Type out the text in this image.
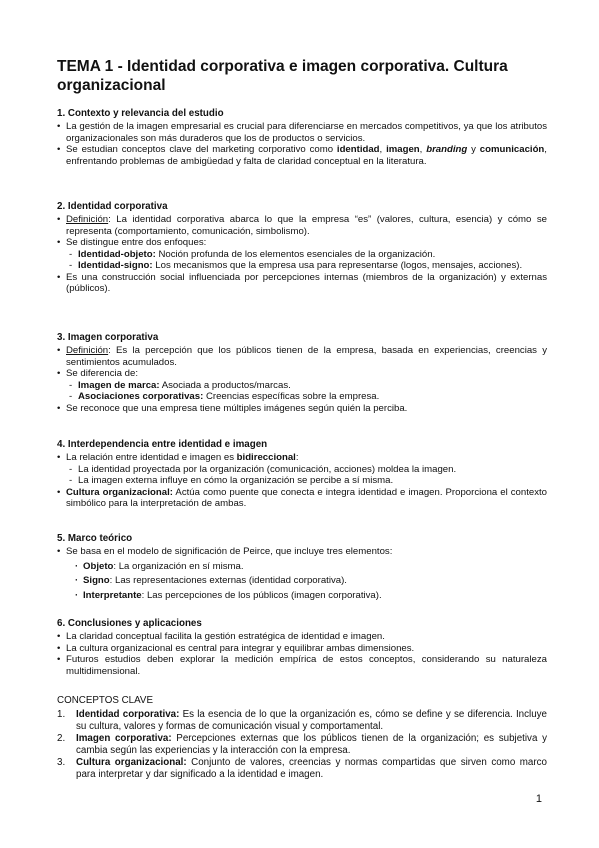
TEMA 1 - Identidad corporativa e imagen corporativa. Cultura organizacional
1. Contexto y relevancia del estudio
• La gestión de la imagen empresarial es crucial para diferenciarse en mercados competitivos, ya que los atributos organizacionales son más duraderos que los de productos o servicios.
• Se estudian conceptos clave del marketing corporativo como identidad, imagen, branding y comunicación, enfrentando problemas de ambigüedad y falta de claridad conceptual en la literatura.
2. Identidad corporativa
• Definición: La identidad corporativa abarca lo que la empresa “es” (valores, cultura, esencia) y cómo se representa (comportamiento, comunicación, simbolismo).
• Se distingue entre dos enfoques:
- Identidad-objeto: Noción profunda de los elementos esenciales de la organización.
- Identidad-signo: Los mecanismos que la empresa usa para representarse (logos, mensajes, acciones).
• Es una construcción social influenciada por percepciones internas (miembros de la organización) y externas (públicos).
3. Imagen corporativa
• Definición: Es la percepción que los públicos tienen de la empresa, basada en experiencias, creencias y sentimientos acumulados.
• Se diferencia de:
- Imagen de marca: Asociada a productos/marcas.
- Asociaciones corporativas: Creencias específicas sobre la empresa.
• Se reconoce que una empresa tiene múltiples imágenes según quién la perciba.
4. Interdependencia entre identidad e imagen
• La relación entre identidad e imagen es bidireccional:
- La identidad proyectada por la organización (comunicación, acciones) moldea la imagen.
- La imagen externa influye en cómo la organización se percibe a sí misma.
• Cultura organizacional: Actúa como puente que conecta e integra identidad e imagen. Proporciona el contexto simbólico para la interpretación de ambas.
5. Marco teórico
• Se basa en el modelo de significación de Peirce, que incluye tres elementos:
· Objeto: La organización en sí misma.
· Signo: Las representaciones externas (identidad corporativa).
· Interpretante: Las percepciones de los públicos (imagen corporativa).
6. Conclusiones y aplicaciones
• La claridad conceptual facilita la gestión estratégica de identidad e imagen.
• La cultura organizacional es central para integrar y equilibrar ambas dimensiones.
• Futuros estudios deben explorar la medición empírica de estos conceptos, considerando su naturaleza multidimensional.
CONCEPTOS CLAVE
1. Identidad corporativa: Es la esencia de lo que la organización es, cómo se define y se diferencia. Incluye su cultura, valores y formas de comunicación visual y comportamental.
2. Imagen corporativa: Percepciones externas que los públicos tienen de la organización; es subjetiva y cambia según las experiencias y la interacción con la empresa.
3. Cultura organizacional: Conjunto de valores, creencias y normas compartidas que sirven como marco para interpretar y dar significado a la identidad e imagen.
1
